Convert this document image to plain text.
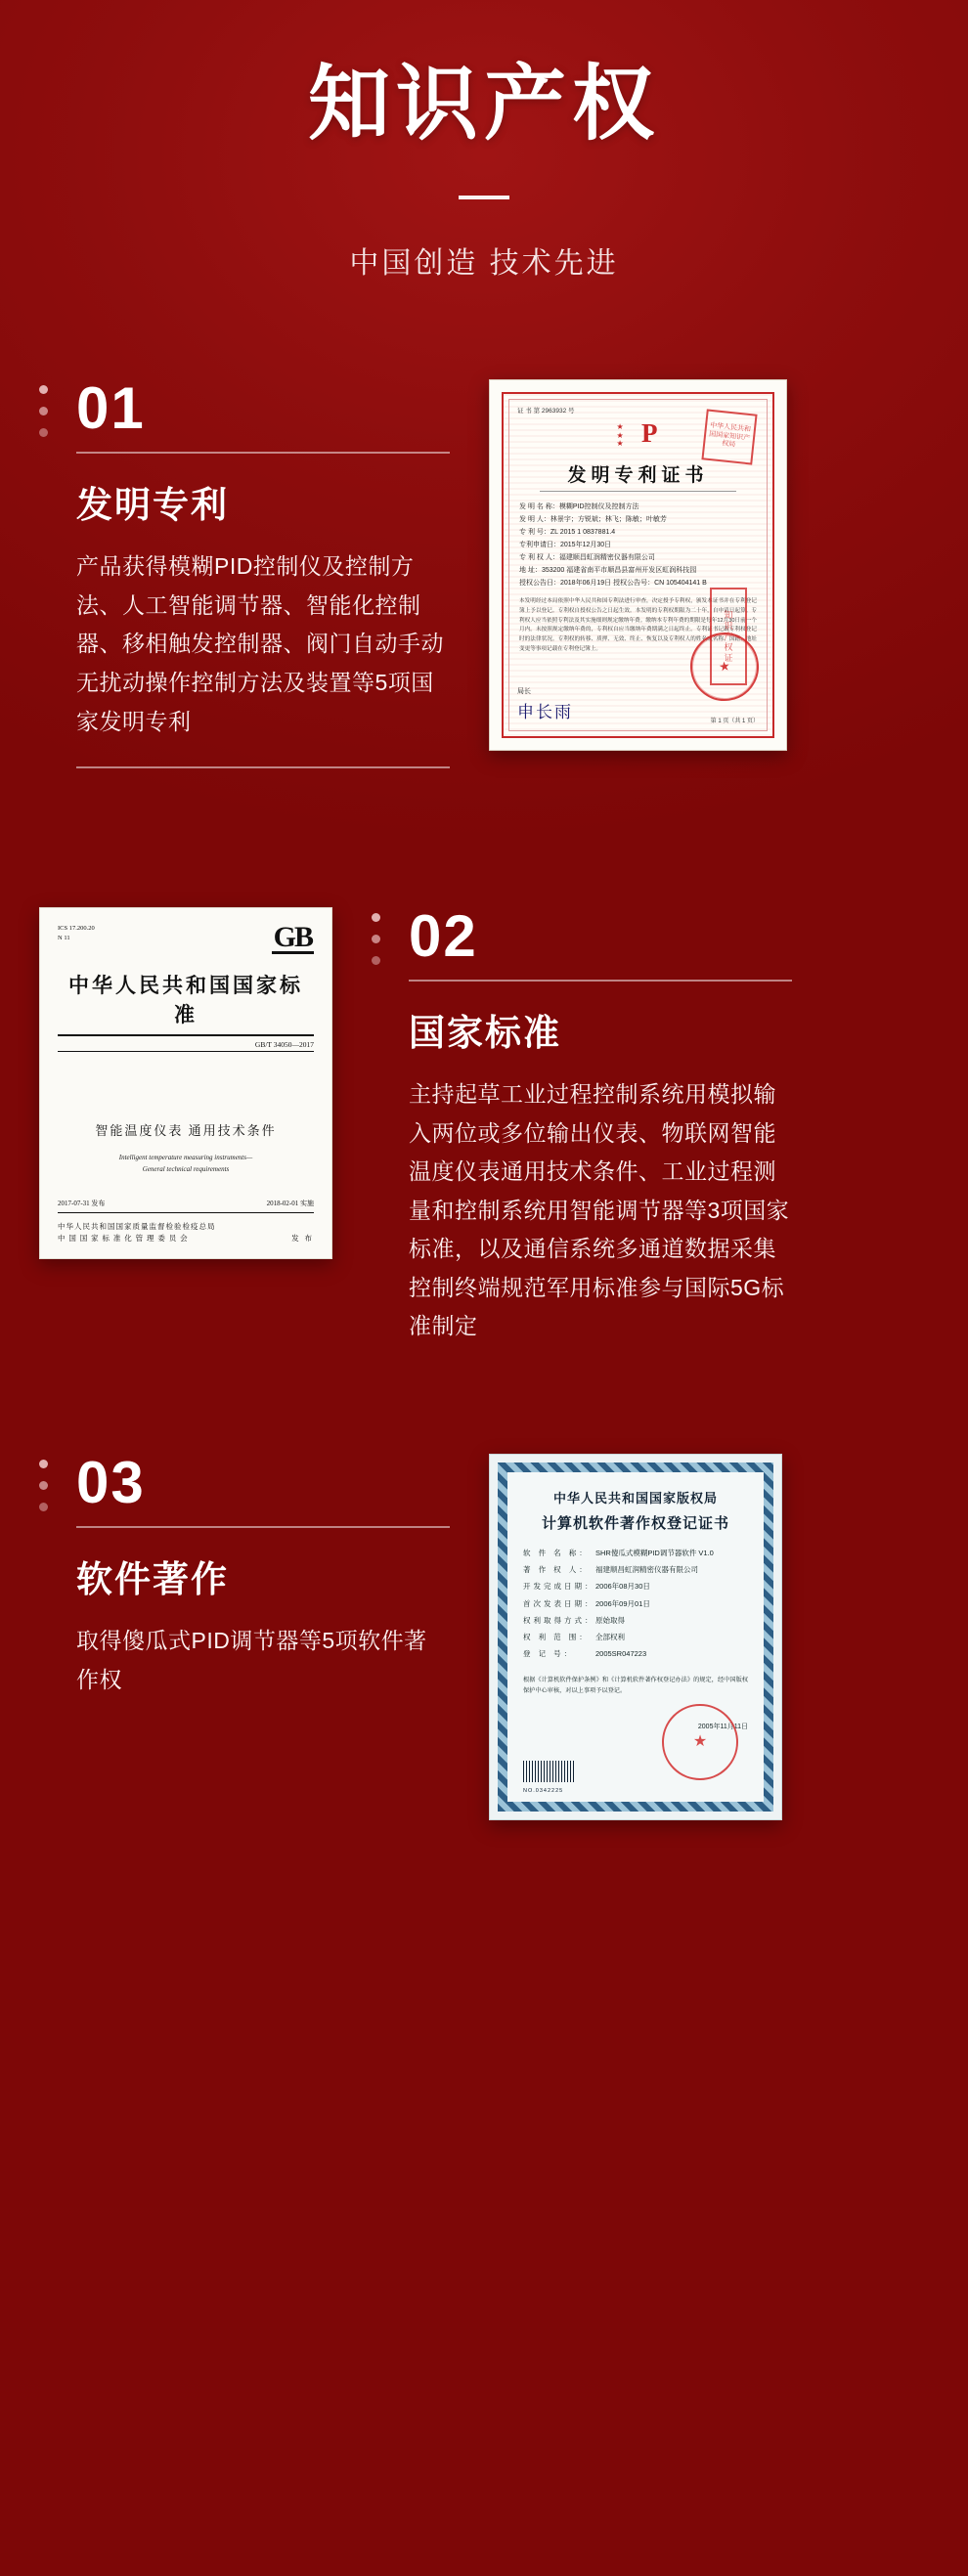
知识产权
中国创造 技术先进
01
发明专利

产品获得模糊PID控制仪及控制方法、人工智能调节器、智能化控制器、移相触发控制器、阀门自动手动无扰动操作控制方法及装置等5项国家发明专利

证 书 第 2963932 号
★
★
★ P
发明专利证书
发 明 名 称：模糊PID控制仪及控制方法
发 明 人：林景宇；方锐斌；林飞；陈敏；叶敏芳
专 利 号：ZL 2015 1 0837881.4
专利申请日：2015年12月30日
专 利 权 人：福建顺昌虹润精密仪器有限公司
地 址：353200 福建省南平市顺昌县富州开发区虹润科技园
授权公告日：2018年06月19日 授权公告号：CN 105404141 B
本发明经过本局依照中华人民共和国专利法进行审查，决定授予专利权，颁发本证书并在专利登记簿上予以登记。专利权自授权公告之日起生效。本发明的专利权期限为二十年，自申请日起算。专利权人应当依照专利法及其实施细则规定缴纳年费。缴纳本专利年费的期限是每年12月30日前一个月内。未按照规定缴纳年费的，专利权自应当缴纳年费期满之日起终止。专利证书记载专利权登记时的法律状况。专利权的转移、质押、无效、终止、恢复以及专利权人的姓名或名称、国籍、地址变更等事项记载在专利登记簿上。
中华人民共和国国家知识产权局
知识产权证
★
局长
申长雨	第 1 页（共 1 页）
ICS 17.200.20
N 11	GB
中华人民共和国国家标准
GB/T 34050—2017
智能温度仪表 通用技术条件
Intelligent temperature measuring instruments—
General technical requirements
2017-07-31 发布	2018-02-01 实施
中华人民共和国国家质量监督检验检疫总局
中 国 国 家 标 准 化 管 理 委 员 会	发 布
02
国家标准

主持起草工业过程控制系统用模拟输入两位或多位输出仪表、物联网智能温度仪表通用技术条件、工业过程测量和控制系统用智能调节器等3项国家标准，以及通信系统多通道数据采集控制终端规范军用标准参与国际5G标准制定

03
软件著作

取得傻瓜式PID调节器等5项软件著作权

中华人民共和国国家版权局
计算机软件著作权登记证书
软 件 名 称： SHR傻瓜式模糊PID调节器软件 V1.0
著 作 权 人： 福建顺昌虹润精密仪器有限公司
开发完成日期： 2006年08月30日
首次发表日期： 2006年09月01日
权利取得方式： 原始取得
权 利 范 围： 全部权利
登 记 号：	2005SR047223
根据《计算机软件保护条例》和《计算机软件著作权登记办法》的规定，经中国版权保护中心审核，对以上事项予以登记。
2005年11月11日
NO.0342225
★
